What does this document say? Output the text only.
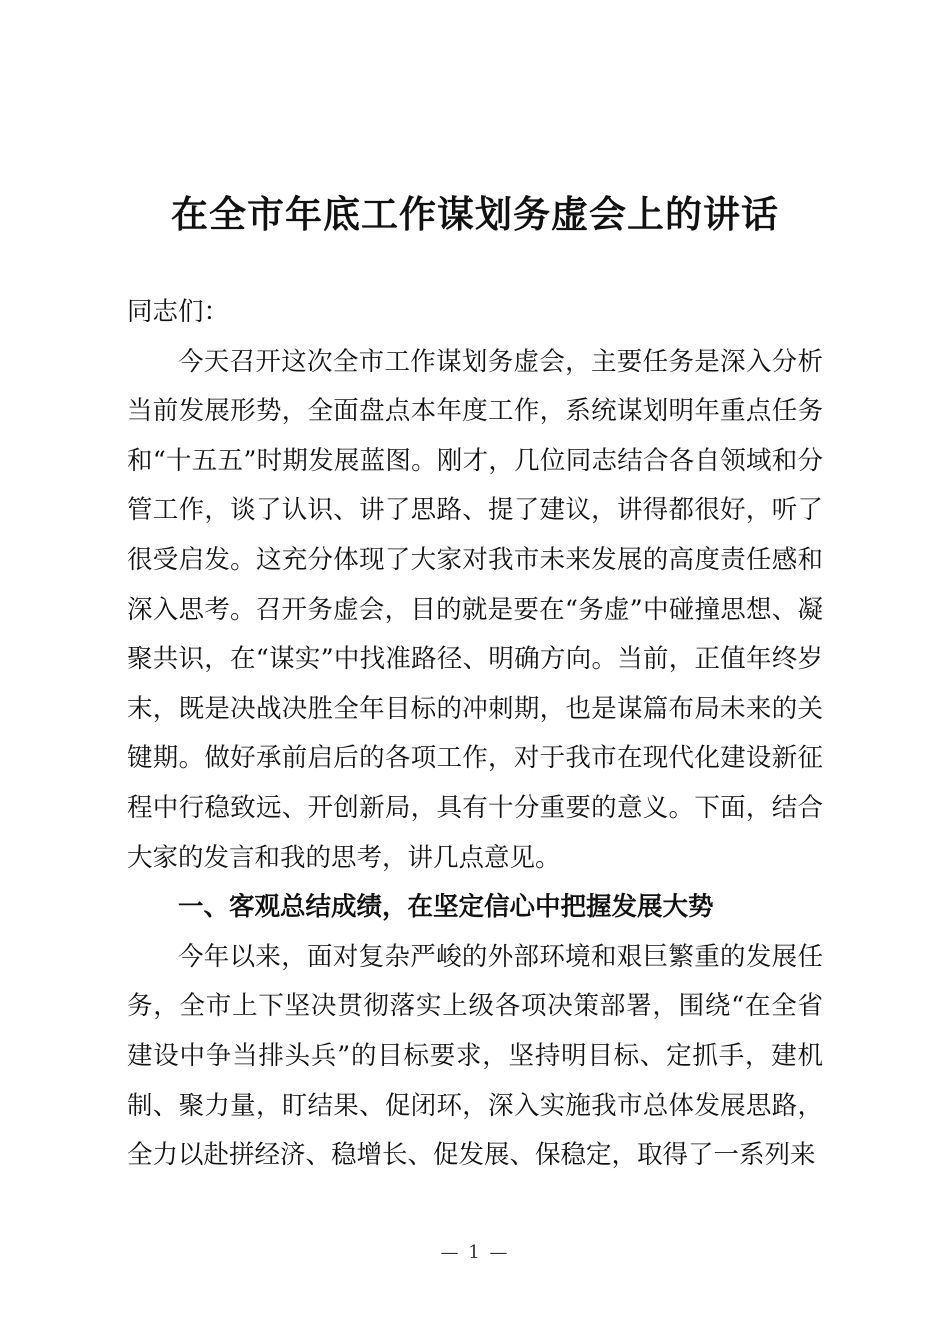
在全市年底工作谋划务虚会上的讲话

同志们：

今天召开这次全市工作谋划务虚会，主要任务是深入分析当前发展形势，全面盘点本年度工作，系统谋划明年重点任务和“十五五”时期发展蓝图。刚才，几位同志结合各自领域和分管工作，谈了认识、讲了思路、提了建议，讲得都很好，听了很受启发。这充分体现了大家对我市未来发展的高度责任感和深入思考。召开务虚会，目的就是要在“务虚”中碰撞思想、凝聚共识，在“谋实”中找准路径、明确方向。当前，正值年终岁末，既是决战决胜全年目标的冲刺期，也是谋篇布局未来的关键期。做好承前启后的各项工作，对于我市在现代化建设新征程中行稳致远、开创新局，具有十分重要的意义。下面，结合大家的发言和我的思考，讲几点意见。

一、客观总结成绩，在坚定信心中把握发展大势

今年以来，面对复杂严峻的外部环境和艰巨繁重的发展任务，全市上下坚决贯彻落实上级各项决策部署，围绕“在全省建设中争当排头兵”的目标要求，坚持明目标、定抓手，建机制、聚力量，盯结果、促闭环，深入实施我市总体发展思路，全力以赴拼经济、稳增长、促发展、保稳定，取得了一系列来

— 1 —
